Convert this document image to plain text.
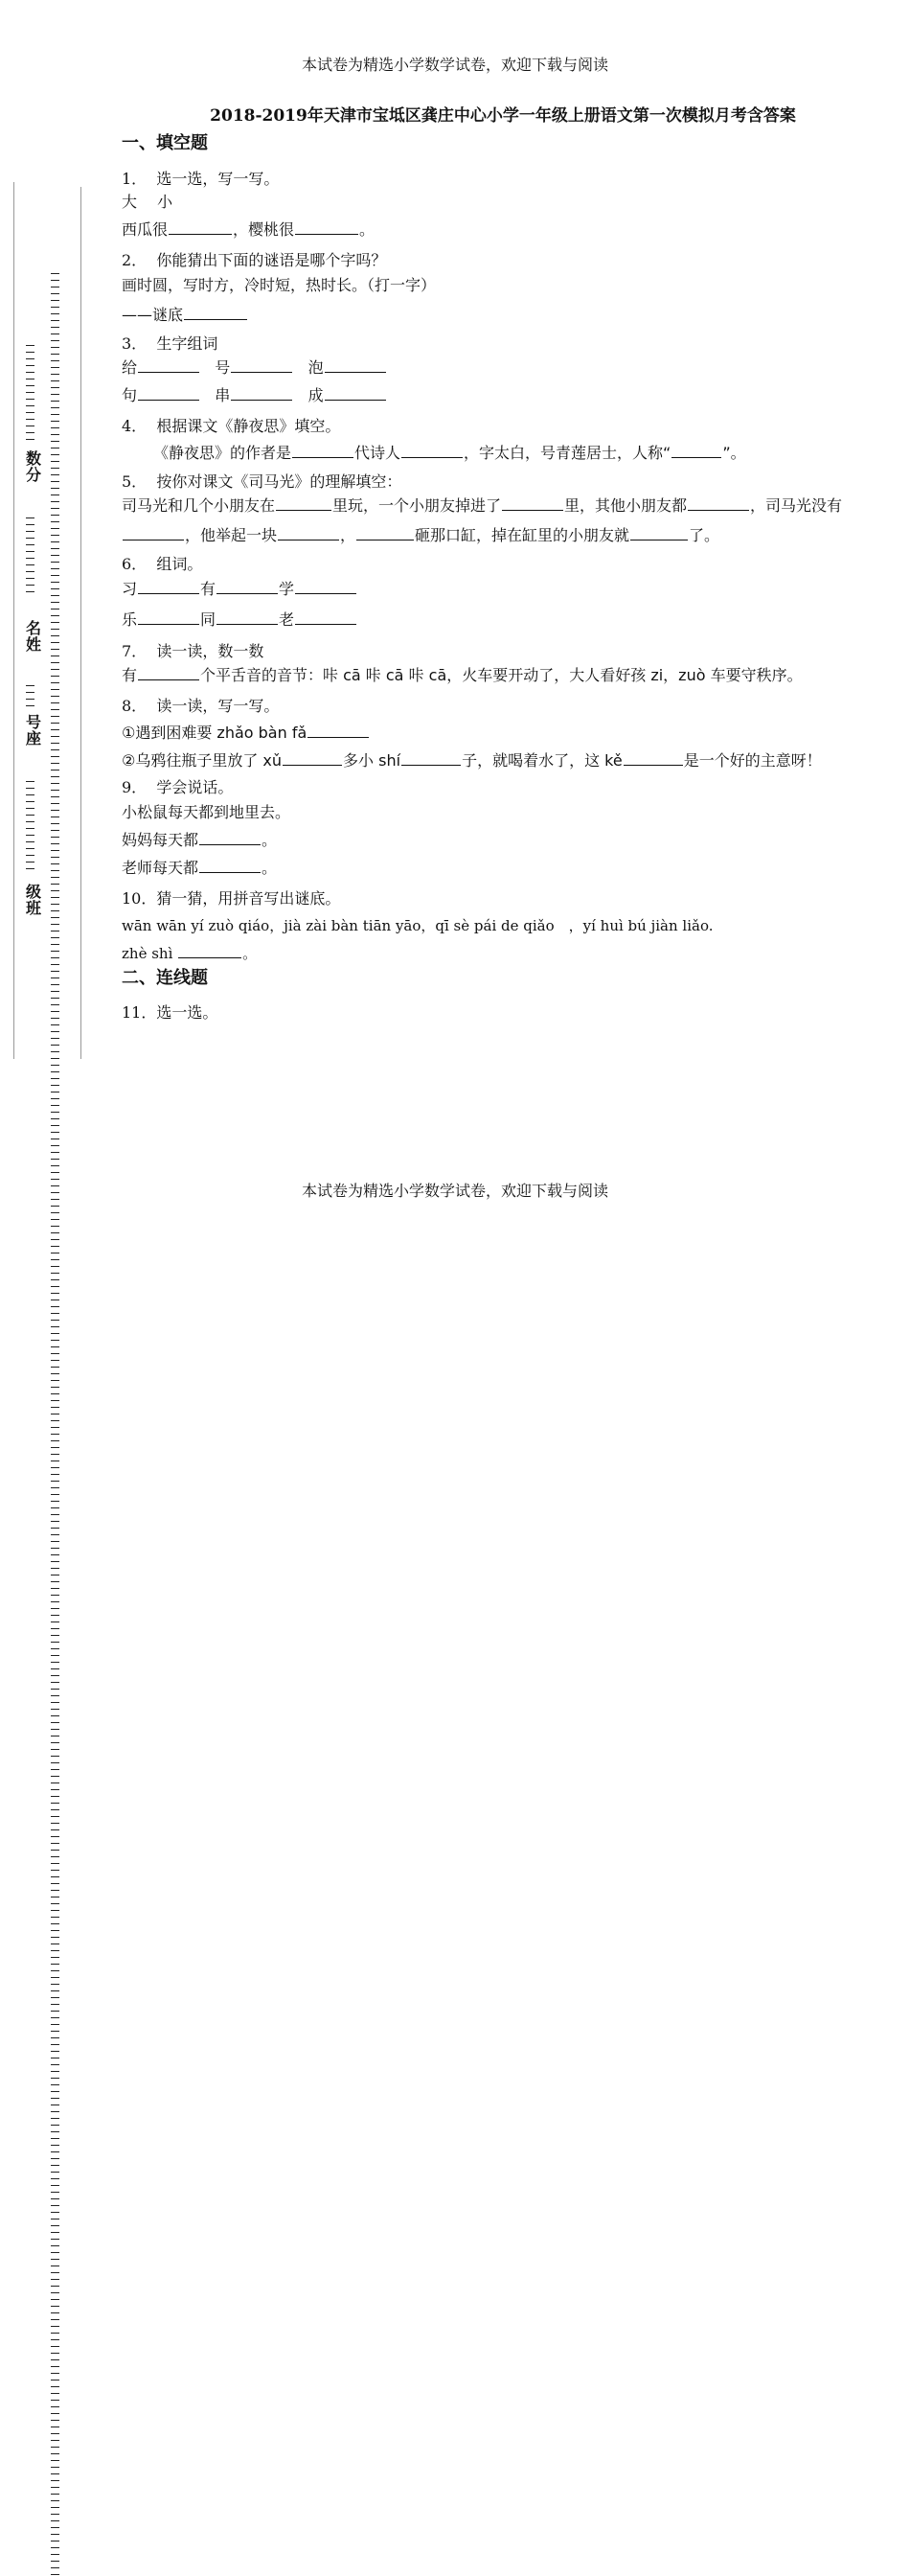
本试卷为精选小学数学试卷，欢迎下载与阅读
数分
名姓
号座
级班
2018-2019年天津市宝坻区龚庄中心小学一年级上册语文第一次模拟月考含答案
一、填空题
1． 选一选，写一写。
大　 小
西瓜很	，樱桃很	。
2． 你能猜出下面的谜语是哪个字吗？
画时圆，写时方，冷时短，热时长。（打一字）
——谜底
3． 生字组词
给	号	泡
句	串	成
4． 根据课文《静夜思》填空。
《静夜思》的作者是	代诗人	，字太白，号青莲居士，人称“	”。
5． 按你对课文《司马光》的理解填空：
司马光和几个小朋友在	里玩，一个小朋友掉进了	里，其他小朋友都	，司马光没有
，他举起一块	，	砸那口缸，掉在缸里的小朋友就	了。
6． 组词。
习	有	学
乐	同	老
7． 读一读，数一数
有	个平舌音的音节：咔 cā 咔 cā 咔 cā，火车要开动了，大人看好孩 zi，zuò 车要守秩序。
8． 读一读，写一写。
①遇到困难要 zhǎo bàn fǎ
②乌鸦往瓶子里放了 xǔ	多小 shí	子，就喝着水了，这 kě	是一个好的主意呀！
9． 学会说话。
小松鼠每天都到地里去。
妈妈每天都	。
老师每天都	。
10．猜一猜，用拼音写出谜底。
wān wān yí zuò qiáo，jià zài bàn tiān yāo，qī sè pái de qiǎo　，yí huì bú jiàn liǎo.
zhè shì	。
二、连线题
11．选一选。
本试卷为精选小学数学试卷，欢迎下载与阅读
